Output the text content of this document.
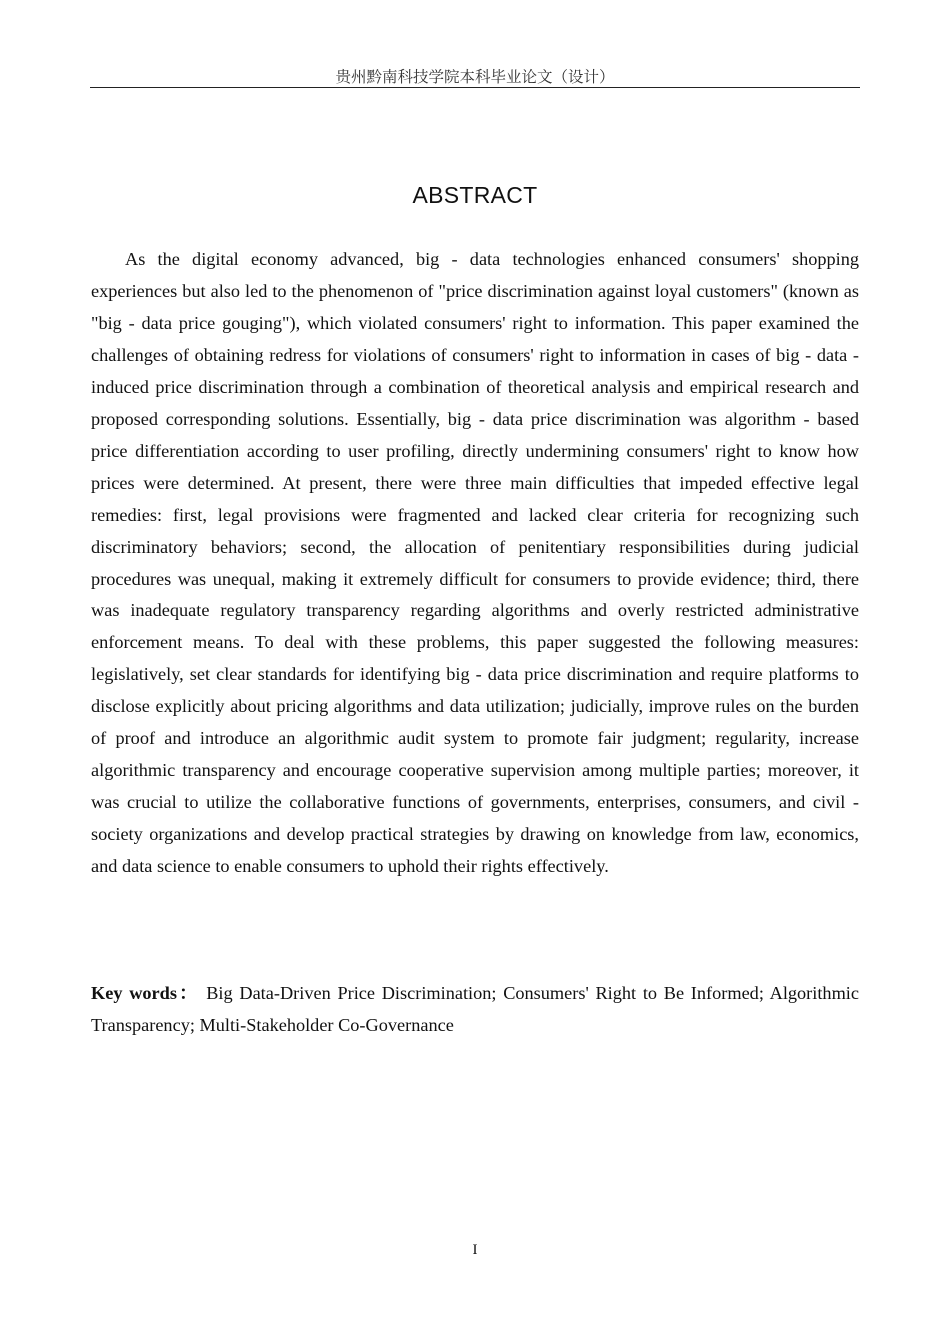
贵州黔南科技学院本科毕业论文（设计）
ABSTRACT

As the digital economy advanced, big - data technologies enhanced consumers' shopping experiences but also led to the phenomenon of "price discrimination against loyal customers" (known as "big - data price gouging"), which violated consumers' right to information. This paper examined the challenges of obtaining redress for violations of consumers' right to information in cases of big - data - induced price discrimination through a combination of theoretical analysis and empirical research and proposed corresponding solutions. Essentially, big - data price discrimination was algorithm - based price differentiation according to user profiling, directly undermining consumers' right to know how prices were determined. At present, there were three main difficulties that impeded effective legal remedies: first, legal provisions were fragmented and lacked clear criteria for recognizing such discriminatory behaviors; second, the allocation of penitentiary responsibilities during judicial procedures was unequal, making it extremely difficult for consumers to provide evidence; third, there was inadequate regulatory transparency regarding algorithms and overly restricted administrative enforcement means. To deal with these problems, this paper suggested the following measures: legislatively, set clear standards for identifying big - data price discrimination and require platforms to disclose explicitly about pricing algorithms and data utilization; judicially, improve rules on the burden of proof and introduce an algorithmic audit system to promote fair judgment; regularity, increase algorithmic transparency and encourage cooperative supervision among multiple parties; moreover, it was crucial to utilize the collaborative functions of governments, enterprises, consumers, and civil - society organizations and develop practical strategies by drawing on knowledge from law, economics, and data science to enable consumers to uphold their rights effectively.

Key words： Big Data-Driven Price Discrimination; Consumers' Right to Be Informed; Algorithmic Transparency; Multi-Stakeholder Co-Governance

I
